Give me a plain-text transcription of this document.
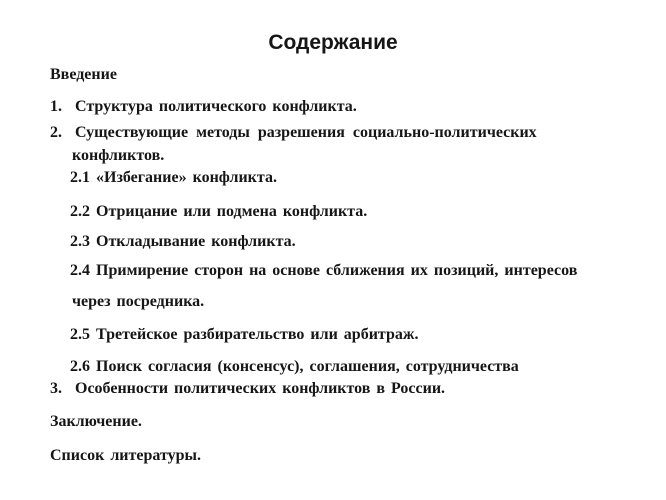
Содержание
Введение
1. Структура политического конфликта.
2. Существующие методы разрешения социально-политических
конфликтов.
2.1 «Избегание» конфликта.
2.2 Отрицание или подмена конфликта.
2.3 Откладывание конфликта.
2.4 Примирение сторон на основе сближения их позиций, интересов
через посредника.
2.5 Третейское разбирательство или арбитраж.
2.6 Поиск согласия (консенсус), соглашения, сотрудничества
3. Особенности политических конфликтов в России.
Заключение.
Список литературы.
